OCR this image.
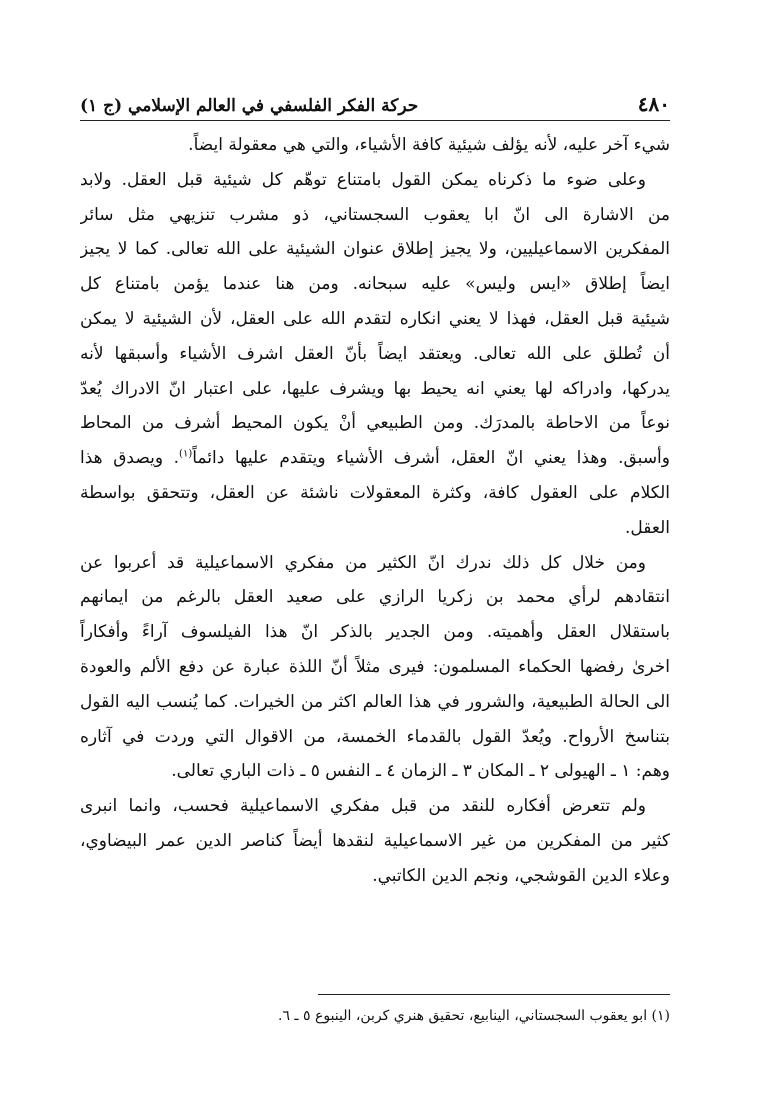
٤٨٠
حركة الفكر الفلسفي في العالم الإسلامي (ج ١)
شيء آخر عليه، لأنه يؤلف شيئية كافة الأشياء، والتي هي معقولة ايضاً.
وعلى ضوء ما ذكرناه يمكن القول بامتناع توهّم كل شيئية قبل العقل. ولابد
من الاشارة الى انّ ابا يعقوب السجستاني، ذو مشرب تنزيهي مثل سائر
المفكرين الاسماعيليين، ولا يجيز إطلاق عنوان الشيئية على الله تعالى. كما لا يجيز
ايضاً إطلاق «ايس وليس» عليه سبحانه. ومن هنا عندما يؤمن بامتناع كل
شيئية قبل العقل، فهذا لا يعني انكاره لتقدم الله على العقل، لأن الشيئية لا يمكن
أن تُطلق على الله تعالى. ويعتقد ايضاً بأنّ العقل اشرف الأشياء وأسبقها لأنه
يدركها، وادراكه لها يعني انه يحيط بها ويشرف عليها، على اعتبار انّ الادراك يُعدّ
نوعاً من الاحاطة بالمدرَك. ومن الطبيعي أنْ يكون المحيط أشرف من المحاط
وأسبق. وهذا يعني انّ العقل، أشرف الأشياء ويتقدم عليها دائماً$^{(١)}$. ويصدق هذا
الكلام على العقول كافة، وكثرة المعقولات ناشئة عن العقل، وتتحقق بواسطة
العقل.
ومن خلال كل ذلك ندرك انّ الكثير من مفكري الاسماعيلية قد أعربوا عن
انتقادهم لرأي محمد بن زكريا الرازي على صعيد العقل بالرغم من ايمانهم
باستقلال العقل وأهميته. ومن الجدير بالذكر انّ هذا الفيلسوف آراءً وأفكاراً
اخرىٰ رفضها الحكماء المسلمون: فيرى مثلاً أنّ اللذة عبارة عن دفع الألم والعودة
الى الحالة الطبيعية، والشرور في هذا العالم اكثر من الخيرات. كما يُنسب اليه القول
بتناسخ الأرواح. ويُعدّ القول بالقدماء الخمسة، من الاقوال التي وردت في آثاره
وهم: ١ ـ الهيولى ٢ ـ المكان ٣ ـ الزمان ٤ ـ النفس ٥ ـ ذات الباري تعالى.
ولم تتعرض أفكاره للنقد من قبل مفكري الاسماعيلية فحسب، وانما انبرى
كثير من المفكرين من غير الاسماعيلية لنقدها أيضاً كناصر الدين عمر البيضاوي،
وعلاء الدين القوشجي، ونجم الدين الكاتبي.
(١) ابو يعقوب السجستاني، الينابيع، تحقيق هنري كربن، الينبوع ٥ ـ ٦.
